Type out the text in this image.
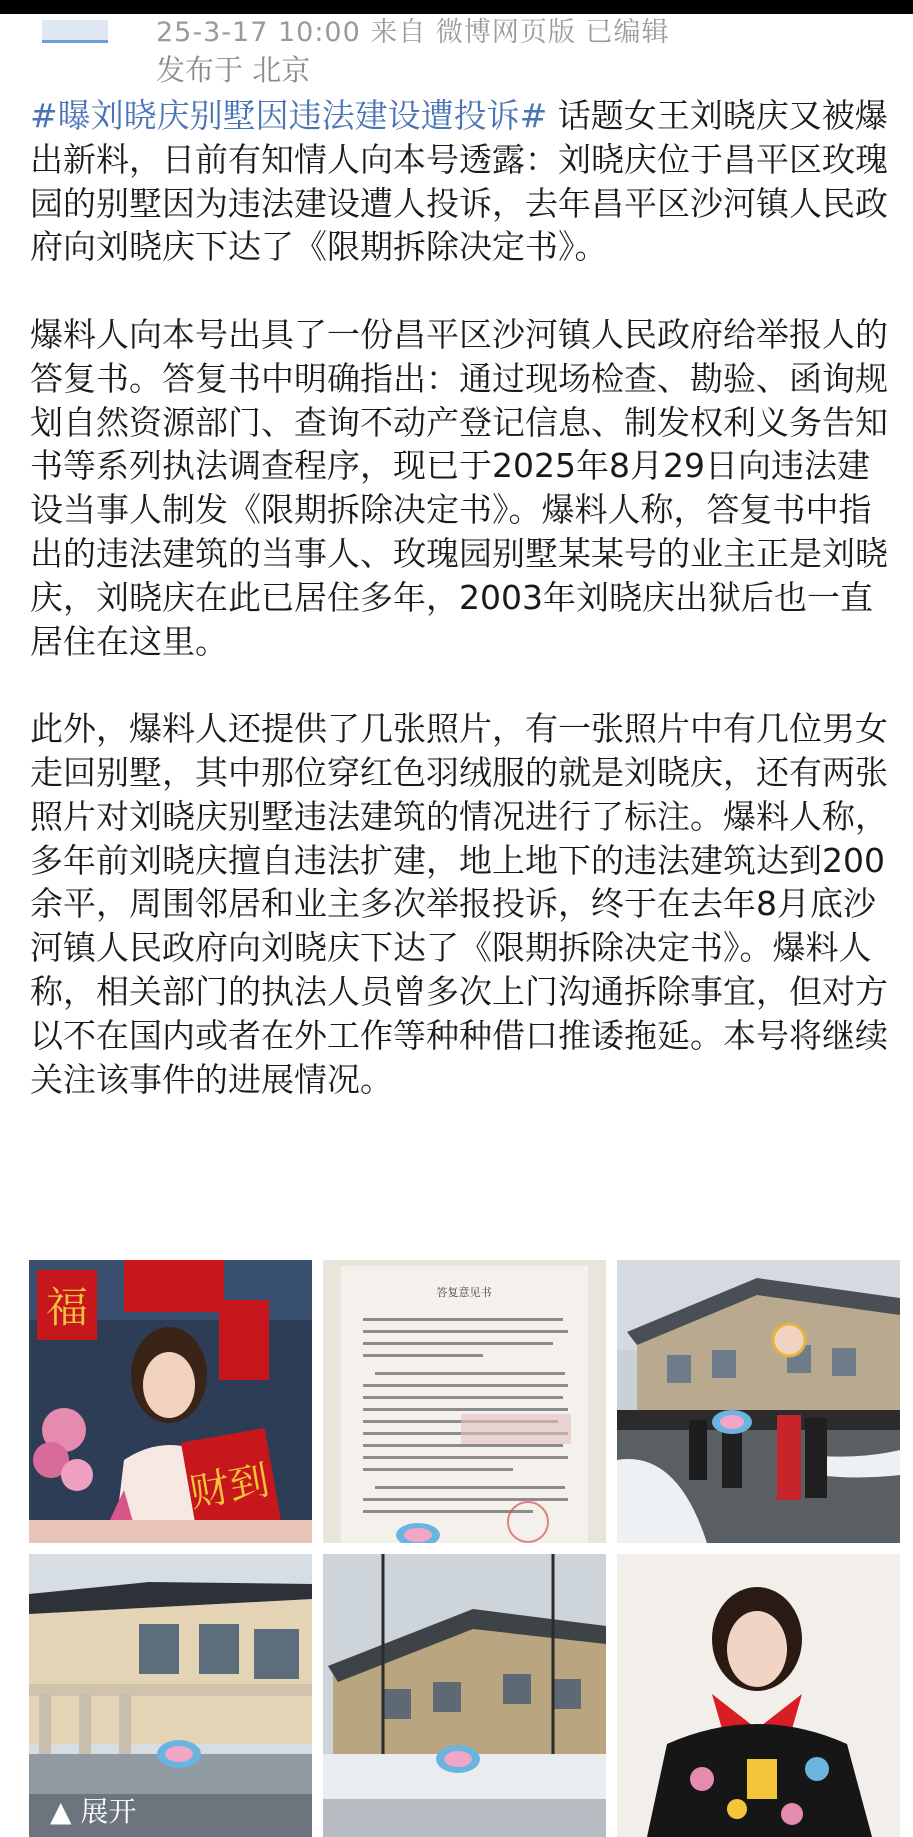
25-3-17 10:00 来自 微博网页版 已编辑
发布于 北京

#曝刘晓庆别墅因违法建设遭投诉# 话题女王刘晓庆又被爆出新料，日前有知情人向本号透露：刘晓庆位于昌平区玫瑰园的别墅因为违法建设遭人投诉，去年昌平区沙河镇人民政府向刘晓庆下达了《限期拆除决定书》。

爆料人向本号出具了一份昌平区沙河镇人民政府给举报人的答复书。答复书中明确指出：通过现场检查、勘验、函询规划自然资源部门、查询不动产登记信息、制发权利义务告知书等系列执法调查程序，现已于2025年8月29日向违法建设当事人制发《限期拆除决定书》。爆料人称，答复书中指出的违法建筑的当事人、玫瑰园别墅某某号的业主正是刘晓庆，刘晓庆在此已居住多年，2003年刘晓庆出狱后也一直居住在这里。

此外，爆料人还提供了几张照片，有一张照片中有几位男女走回别墅，其中那位穿红色羽绒服的就是刘晓庆，还有两张照片对刘晓庆别墅违法建筑的情况进行了标注。爆料人称，多年前刘晓庆擅自违法扩建，地上地下的违法建筑达到200余平，周围邻居和业主多次举报投诉，终于在去年8月底沙河镇人民政府向刘晓庆下达了《限期拆除决定书》。爆料人称，相关部门的执法人员曾多次上门沟通拆除事宜，但对方以不在国内或者在外工作等种种借口推诿拖延。本号将继续关注该事件的进展情况。

福
财到
答复意见书
▲ 展开
